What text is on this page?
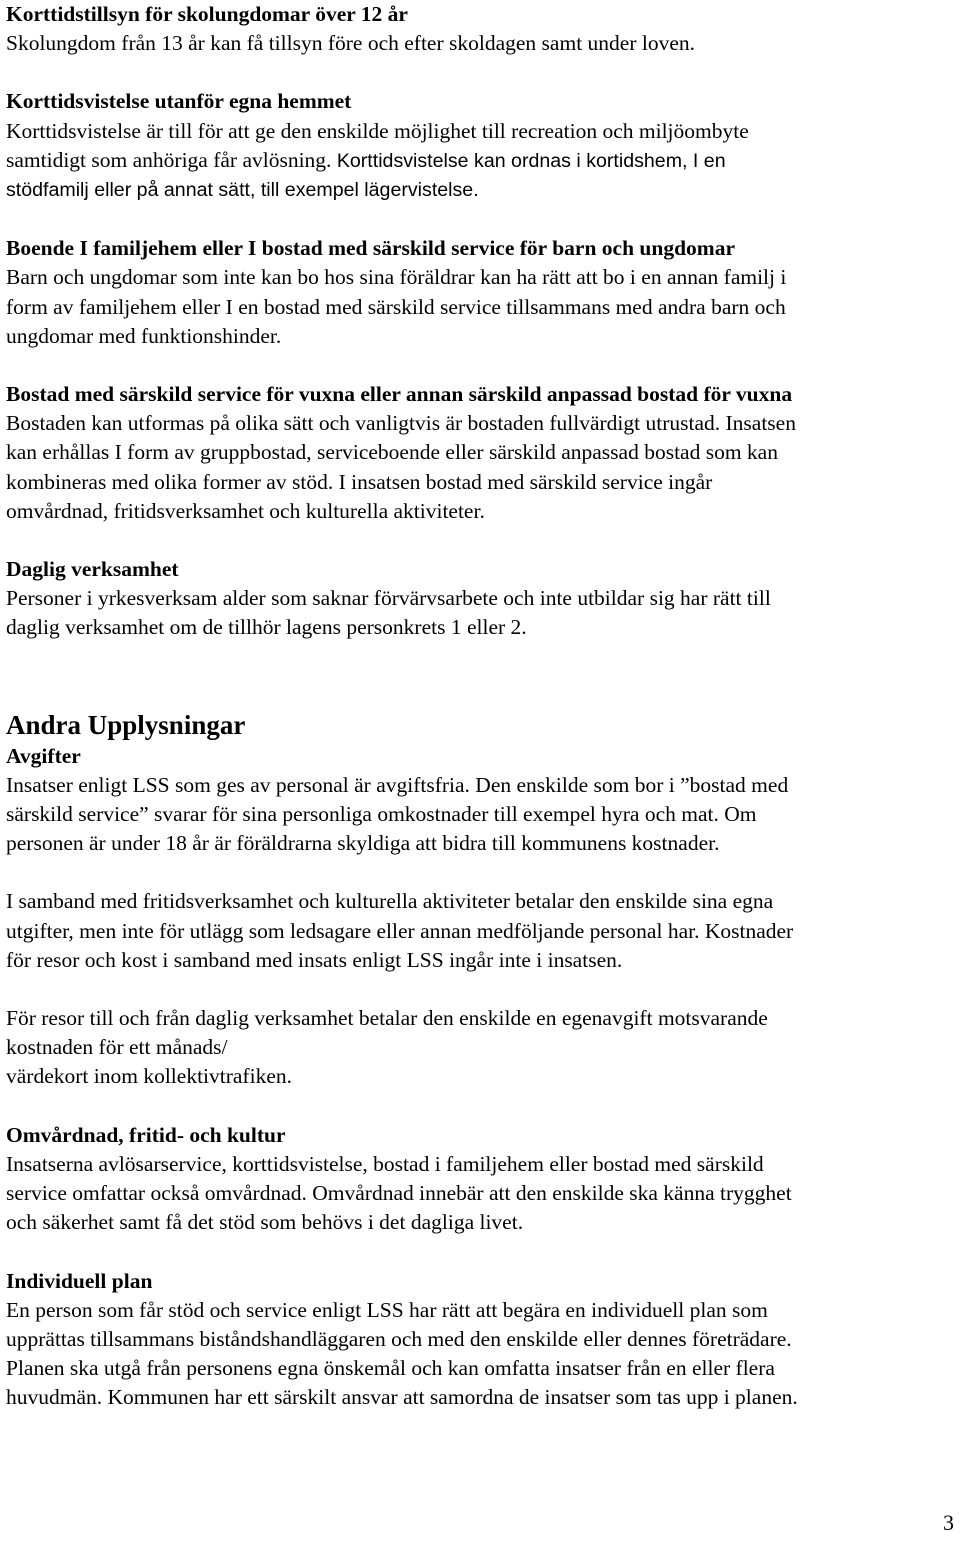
Korttidstillsyn för skolungdomar över 12 år
Skolungdom från 13 år kan få tillsyn före och efter skoldagen samt under loven.
Korttidsvistelse utanför egna hemmet
Korttidsvistelse är till för att ge den enskilde möjlighet till recreation och miljöombyte
samtidigt som anhöriga får avlösning. Korttidsvistelse kan ordnas i kortidshem, I en
stödfamilj eller på annat sätt, till exempel lägervistelse.
Boende I familjehem eller I bostad med särskild service för barn och ungdomar
Barn och ungdomar som inte kan bo hos sina föräldrar kan ha rätt att bo i en annan familj i
form av familjehem eller I en bostad med särskild service tillsammans med andra barn och
ungdomar med funktionshinder.
Bostad med särskild service för vuxna eller annan särskild anpassad bostad för vuxna
Bostaden kan utformas på olika sätt och vanligtvis är bostaden fullvärdigt utrustad. Insatsen
kan erhållas I form av gruppbostad, serviceboende eller särskild anpassad bostad som kan
kombineras med olika former av stöd. I insatsen bostad med särskild service ingår
omvårdnad, fritidsverksamhet och kulturella aktiviteter.
Daglig verksamhet
Personer i yrkesverksam alder som saknar förvärvsarbete och inte utbildar sig har rätt till
daglig verksamhet om de tillhör lagens personkrets 1 eller 2.
Andra Upplysningar
Avgifter
Insatser enligt LSS som ges av personal är avgiftsfria. Den enskilde som bor i ”bostad med
särskild service” svarar för sina personliga omkostnader till exempel hyra och mat. Om
personen är under 18 år är föräldrarna skyldiga att bidra till kommunens kostnader.
I samband med fritidsverksamhet och kulturella aktiviteter betalar den enskilde sina egna
utgifter, men inte för utlägg som ledsagare eller annan medföljande personal har. Kostnader
för resor och kost i samband med insats enligt LSS ingår inte i insatsen.
För resor till och från daglig verksamhet betalar den enskilde en egenavgift motsvarande
kostnaden för ett månads/
värdekort inom kollektivtrafiken.
Omvårdnad, fritid- och kultur
Insatserna avlösarservice, korttidsvistelse, bostad i familjehem eller bostad med särskild
service omfattar också omvårdnad. Omvårdnad innebär att den enskilde ska känna trygghet
och säkerhet samt få det stöd som behövs i det dagliga livet.
Individuell plan
En person som får stöd och service enligt LSS har rätt att begära en individuell plan som
upprättas tillsammans biståndshandläggaren och med den enskilde eller dennes företrädare.
Planen ska utgå från personens egna önskemål och kan omfatta insatser från en eller flera
huvudmän. Kommunen har ett särskilt ansvar att samordna de insatser som tas upp i planen.
3
